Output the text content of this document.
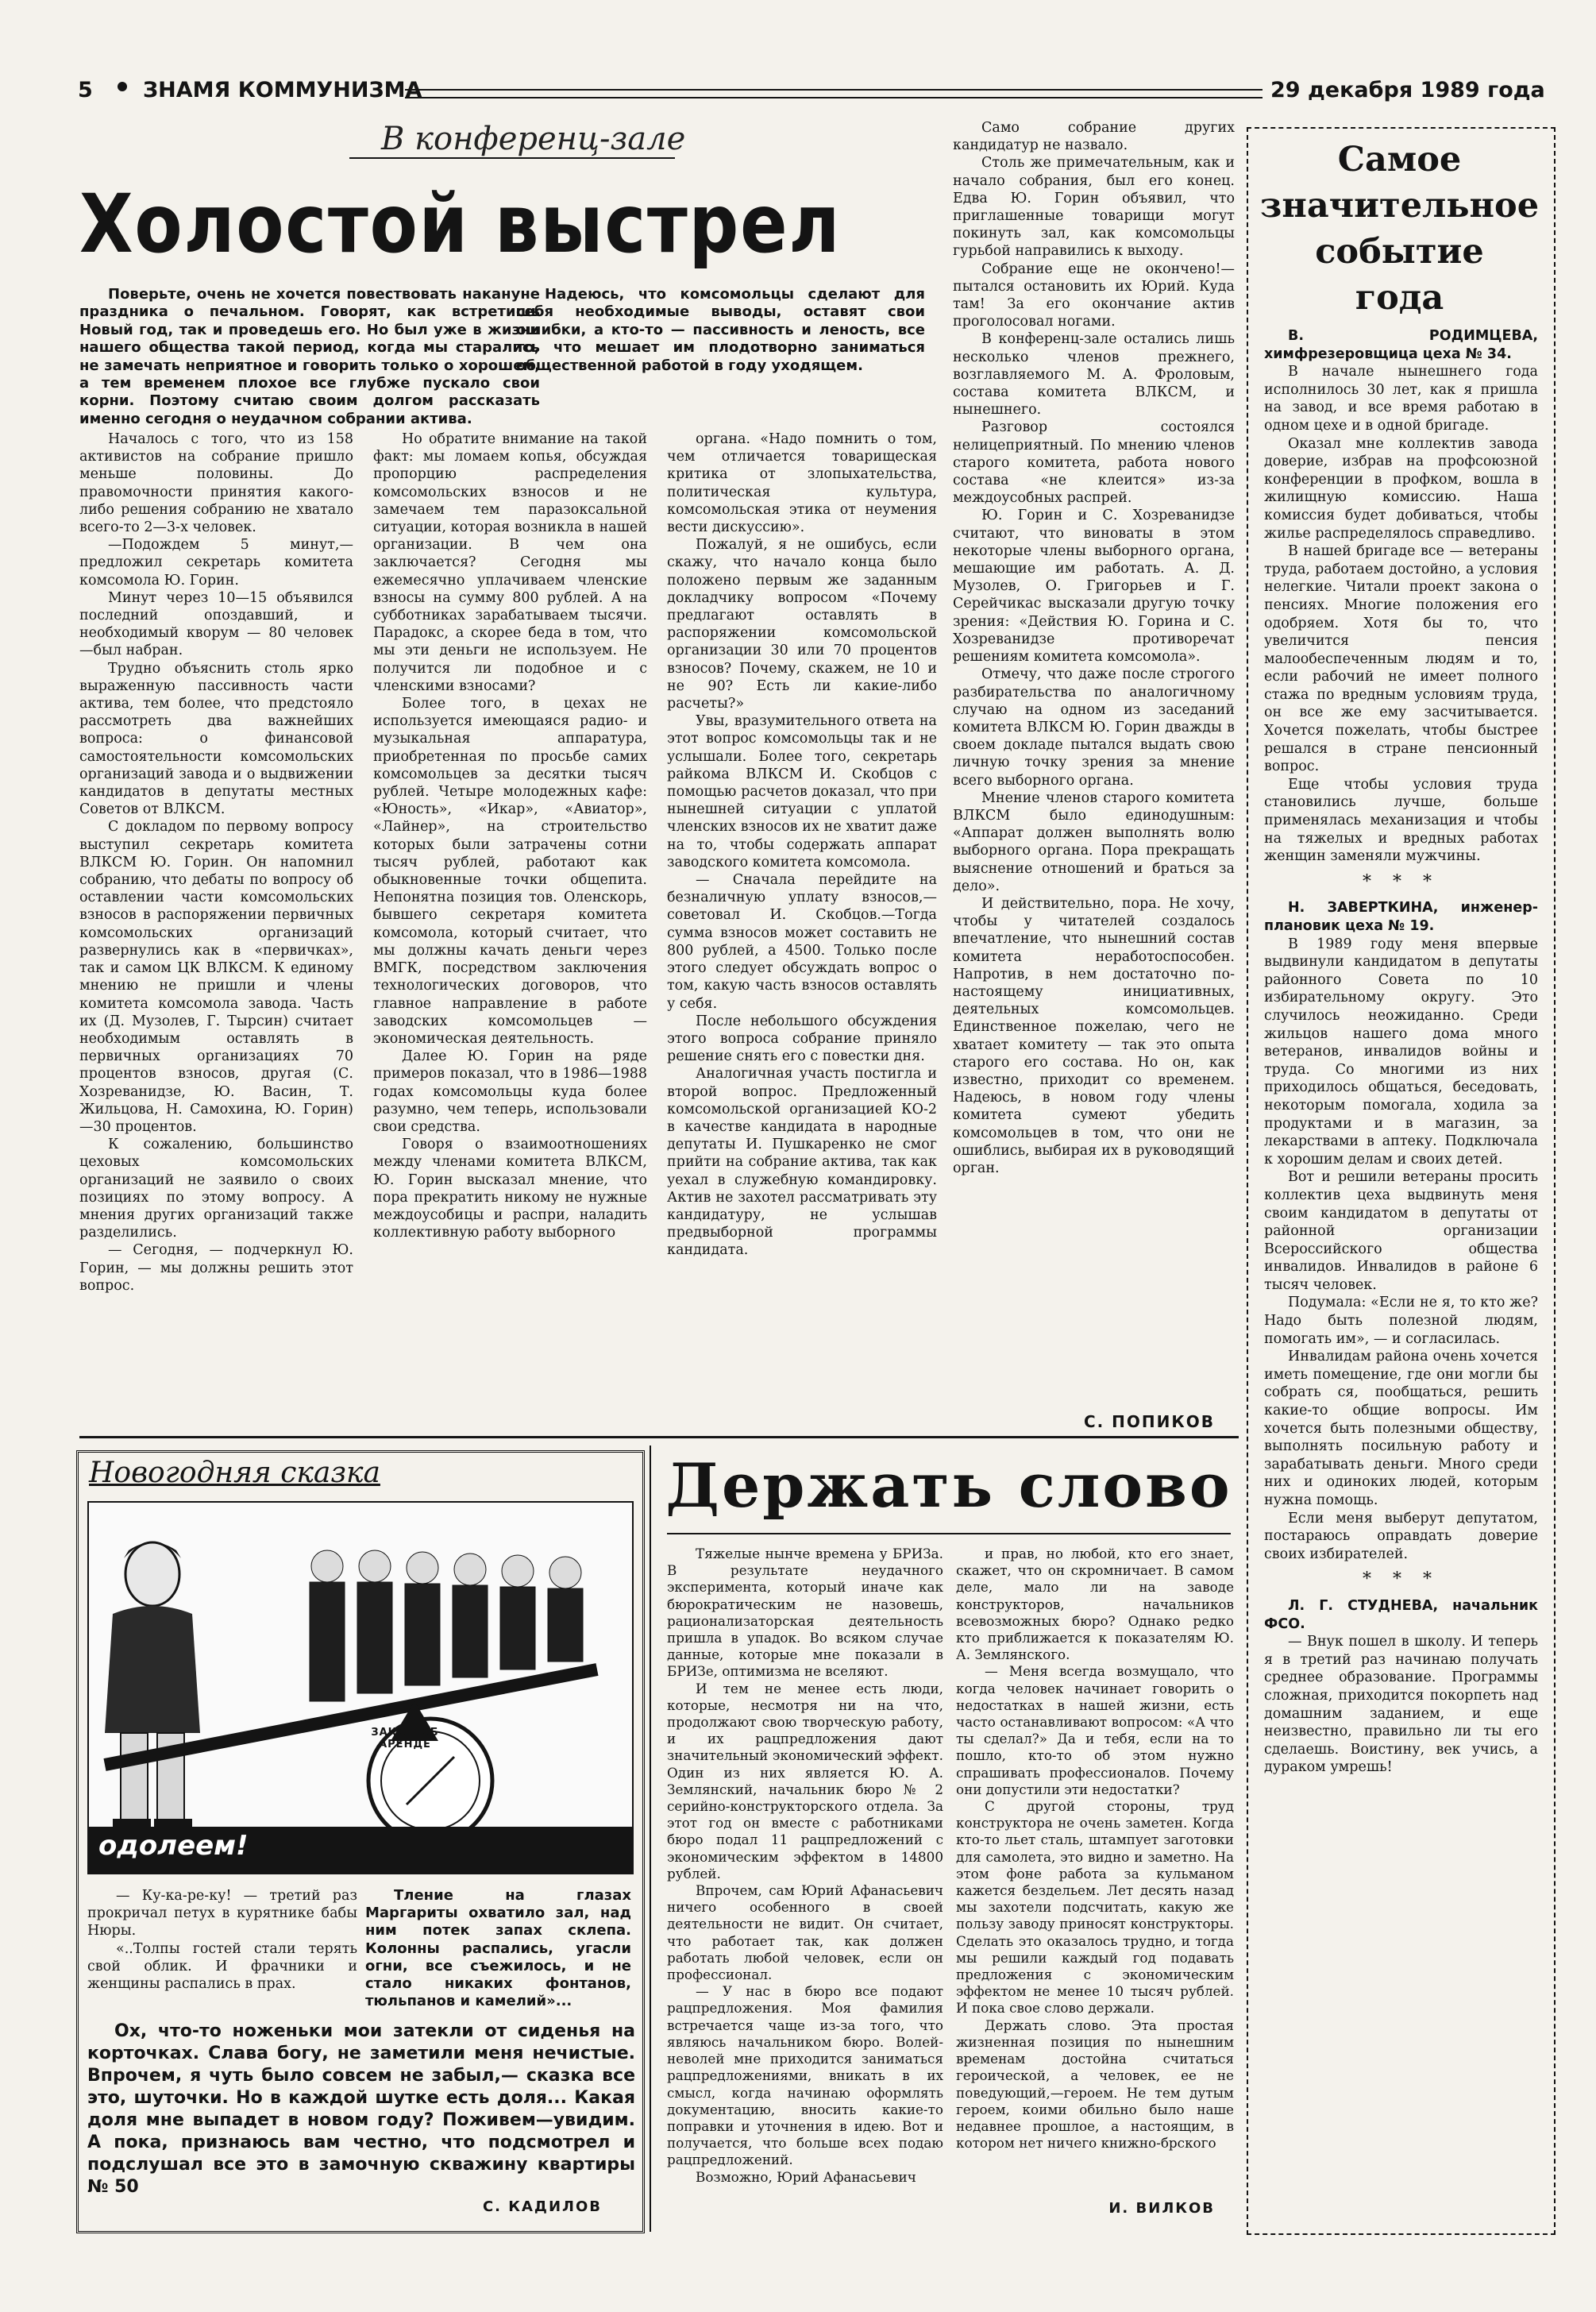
5 ЗНАМЯ КОММУНИЗМА	29 декабря 1989 года
В конференц-зале
Холостой выстрел

Поверьте, очень не хочется повествовать накануне праздника о печальном. Говорят, как встретишь Новый год, так и проведешь его. Но был уже в жизни нашего общества такой период, когда мы старались не замечать неприятное и говорить только о хорошем, а тем временем плохое все глубже пускало свои корни. Поэтому считаю своим долгом рассказать именно сегодня о неудачном собрании актива.

Надеюсь, что комсомольцы сделают для себя необходимые выводы, оставят свои ошибки, а кто-то — пассивность и леность, все то, что мешает им плодотворно заниматься общественной работой в году уходящем.

Началось с того, что из 158 активистов на собрание пришло меньше половины. До правомочности принятия какого-либо решения собранию не хватало всего-то 2—3-х человек.

—Подождем 5 минут,—предложил секретарь комитета комсомола Ю. Горин.

Минут через 10—15 объявился последний опоздавший, и необходимый кворум — 80 человек—был набран.

Трудно объяснить столь ярко выраженную пассивность части актива, тем более, что предстояло рассмотреть два важнейших вопроса: о финансовой самостоятельности комсомольских организаций завода и о выдвижении кандидатов в депутаты местных Советов от ВЛКСМ.

С докладом по первому вопросу выступил секретарь комитета ВЛКСМ Ю. Горин. Он напомнил собранию, что дебаты по вопросу об оставлении части комсомольских взносов в распоряжении первичных комсомольских организаций развернулись как в «первичках», так и самом ЦК ВЛКСМ. К единому мнению не пришли и члены комитета комсомола завода. Часть их (Д. Музолев, Г. Тырсин) считает необходимым оставлять в первичных организациях 70 процентов взносов, другая (С. Хозреванидзе, Ю. Васин, Т. Жильцова, Н. Самохина, Ю. Горин)—30 процентов.

К сожалению, большинство цеховых комсомольских организаций не заявило о своих позициях по этому вопросу. А мнения других организаций также разделились.

— Сегодня, — подчеркнул Ю. Горин, — мы должны решить этот вопрос.

Но обратите внимание на такой факт: мы ломаем копья, обсуждая пропорцию распределения комсомольских взносов и не замечаем тем паразоксальной ситуации, которая возникла в нашей организации. В чем она заключается? Сегодня мы ежемесячно уплачиваем членские взносы на сумму 800 рублей. А на субботниках зарабатываем тысячи. Парадокс, а скорее беда в том, что мы эти деньги не используем. Не получится ли подобное и с членскими взносами?

Более того, в цехах не используется имеющаяся радио- и музыкальная аппаратура, приобретенная по просьбе самих комсомольцев за десятки тысяч рублей. Четыре молодежных кафе: «Юность», «Икар», «Авиатор», «Лайнер», на строительство которых были затрачены сотни тысяч рублей, работают как обыкновенные точки общепита. Непонятна позиция тов. Оленскорь, бывшего секретаря комитета комсомола, который считает, что мы должны качать деньги через ВМГК, посредством заключения технологических договоров, что главное направление в работе заводских комсомольцев — экономическая деятельность.

Далее Ю. Горин на ряде примеров показал, что в 1986—1988 годах комсомольцы куда более разумно, чем теперь, использовали свои средства.

Говоря о взаимоотношениях между членами комитета ВЛКСМ, Ю. Горин высказал мнение, что пора прекратить никому не нужные междоусобицы и распри, наладить коллективную работу выборного

органа. «Надо помнить о том, чем отличается товарищеская критика от злопыхательства, политическая культура, комсомольская этика от неумения вести дискуссию».

Пожалуй, я не ошибусь, если скажу, что начало конца было положено первым же заданным докладчику вопросом «Почему предлагают оставлять в распоряжении комсомольской организации 30 или 70 процентов взносов? Почему, скажем, не 10 и не 90? Есть ли какие-либо расчеты?»

Увы, вразумительного ответа на этот вопрос комсомольцы так и не услышали. Более того, секретарь райкома ВЛКСМ И. Скобцов с помощью расчетов доказал, что при нынешней ситуации с уплатой членских взносов их не хватит даже на то, чтобы содержать аппарат заводского комитета комсомола.

— Сначала перейдите на безналичную уплату взносов,—советовал И. Скобцов.—Тогда сумма взносов может составить не 800 рублей, а 4500. Только после этого следует обсуждать вопрос о том, какую часть взносов оставлять у себя.

После небольшого обсуждения этого вопроса собрание приняло решение снять его с повестки дня.

Аналогичная участь постигла и второй вопрос. Предложенный комсомольской организацией КО-2 в качестве кандидата в народные депутаты И. Пушкаренко не смог прийти на собрание актива, так как уехал в служебную командировку. Актив не захотел рассматривать эту кандидатуру, не услышав предвыборной программы кандидата.

Само собрание других кандидатур не назвало.

Столь же примечательным, как и начало собрания, был его конец. Едва Ю. Горин объявил, что приглашенные товарищи могут покинуть зал, как комсомольцы гурьбой направились к выходу.

Собрание еще не окончено!—пытался остановить их Юрий. Куда там! За его окончание актив проголосовал ногами.

В конференц-зале остались лишь несколько членов прежнего, возглавляемого М. А. Фроловым, состава комитета ВЛКСМ, и нынешнего.

Разговор состоялся нелицеприятный. По мнению членов старого комитета, работа нового состава «не клеится» из-за междоусобных распрей.

Ю. Горин и С. Хозреванидзе считают, что виноваты в этом некоторые члены выборного органа, мешающие им работать. А. Д. Музолев, О. Григорьев и Г. Серейчикас высказали другую точку зрения: «Действия Ю. Горина и С. Хозреванидзе противоречат решениям комитета комсомола».

Отмечу, что даже после строгого разбирательства по аналогичному случаю на одном из заседаний комитета ВЛКСМ Ю. Горин дважды в своем докладе пытался выдать свою личную точку зрения за мнение всего выборного органа.

Мнение членов старого комитета ВЛКСМ было единодушным: «Аппарат должен выполнять волю выборного органа. Пора прекращать выяснение отношений и браться за дело».

И действительно, пора. Не хочу, чтобы у читателей создалось впечатление, что нынешний состав комитета неработоспособен. Напротив, в нем достаточно по-настоящему инициативных, деятельных комсомольцев. Единственное пожелаю, чего не хватает комитету — так это опыта старого его состава. Но он, как известно, приходит со временем. Надеюсь, в новом году члены комитета сумеют убедить комсомольцев в том, что они не ошиблись, выбирая их в руководящий орган.

С. ПОПИКОВ
Самое
значительное
событие
года

В. РОДИМЦЕВА, химфрезеровщица цеха № 34.

В начале нынешнего года исполнилось 30 лет, как я пришла на завод, и все время работаю в одном цехе и в одной бригаде.

Оказал мне коллектив завода доверие, избрав на профсоюзной конференции в профком, вошла в жилищную комиссию. Наша комиссия будет добиваться, чтобы жилье распределялось справедливо.

В нашей бригаде все — ветераны труда, работаем достойно, а условия нелегкие. Читали проект закона о пенсиях. Многие положения его одобряем. Хотя бы то, что увеличится пенсия малообеспеченным людям и то, если рабочий не имеет полного стажа по вредным условиям труда, он все же ему засчитывается. Хочется пожелать, чтобы быстрее решался в стране пенсионный вопрос.

Еще чтобы условия труда становились лучше, больше применялась механизация и чтобы на тяжелых и вредных работах женщин заменяли мужчины.

* * *

Н. ЗАВЕРТКИНА, инженер-плановик цеха № 19.

В 1989 году меня впервые выдвинули кандидатом в депутаты районного Совета по 10 избирательному округу. Это случилось неожиданно. Среди жильцов нашего дома много ветеранов, инвалидов войны и труда. Со многими из них приходилось общаться, беседовать, некоторым помогала, ходила за продуктами и в магазин, за лекарствами в аптеку. Подключала к хорошим делам и своих детей.

Вот и решили ветераны просить коллектив цеха выдвинуть меня своим кандидатом в депутаты от районной организации Всероссийского общества инвалидов. Инвалидов в районе 6 тысяч человек.

Подумала: «Если не я, то кто же? Надо быть полезной людям, помогать им», — и согласилась.

Инвалидам района очень хочется иметь помещение, где они могли бы собрать ся, пообщаться, решить какие-то общие вопросы. Им хочется быть полезными обществу, выполнять посильную работу и зарабатывать деньги. Много среди них и одиноких людей, которым нужна помощь.

Если меня выберут депутатом, постараюсь оправдать доверие своих избирателей.

* * *

Л. Г. СТУДНЕВА, начальник ФСО.

— Внук пошел в школу. И теперь я в третий раз начинаю получать среднее образование. Программы сложная, приходится покорпеть над домашним заданием, и еще неизвестно, правильно ли ты его сделаешь. Воистину, век учись, а дураком умрешь!

Новогодняя сказка
ЗАКОН ОБ АРЕНДЕ
одолеем!

— Ку-ка-ре-ку! — третий раз прокричал петух в курятнике бабы Нюры.

«..Толпы гостей стали терять свой облик. И фрачники и женщины распались в прах.

Тление на глазах Маргариты охватило зал, над ним потек запах склепа. Колонны распались, угасли огни, все съежилось, и не стало никаких фонтанов, тюльпанов и камелий»...

Ох, что-то ноженьки мои затекли от сиденья на корточках. Слава богу, не заметили меня нечистые. Впрочем, я чуть было совсем не забыл,— сказка все это, шуточки. Но в каждой шутке есть доля... Какая доля мне выпадет в новом году? Поживем—увидим. А пока, признаюсь вам честно, что подсмотрел и подслушал все это в замочную скважину квартиры № 50

С. КАДИЛОВ
Держать слово

Тяжелые нынче времена у БРИЗа. В результате неудачного эксперимента, который иначе как бюрократическим не назовешь, рационализаторская деятельность пришла в упадок. Во всяком случае данные, которые мне показали в БРИЗе, оптимизма не вселяют.

И тем не менее есть люди, которые, несмотря ни на что, продолжают свою творческую работу, и их рацпредложения дают значительный экономический эффект. Один из них является Ю. А. Землянский, начальник бюро № 2 серийно-конструкторского отдела. За этот год он вместе с работниками бюро подал 11 рацпредложений с экономическим эффектом в 14800 рублей.

Впрочем, сам Юрий Афанасьевич ничего особенного в своей деятельности не видит. Он считает, что работает так, как должен работать любой человек, если он профессионал.

— У нас в бюро все подают рацпредложения. Моя фамилия встречается чаще из-за того, что являюсь начальником бюро. Волей-неволей мне приходится заниматься рацпредложениями, вникать в их смысл, когда начинаю оформлять документацию, вносить какие-то поправки и уточнения в идею. Вот и получается, что больше всех подаю рацпредложений.

Возможно, Юрий Афанасьевич

и прав, но любой, кто его знает, скажет, что он скромничает. В самом деле, мало ли на заводе конструкторов, начальников всевозможных бюро? Однако редко кто приближается к показателям Ю. А. Землянского.

— Меня всегда возмущало, что когда человек начинает говорить о недостатках в нашей жизни, есть часто останавливают вопросом: «А что ты сделал?» Да и тебя, если на то пошло, кто-то об этом нужно спрашивать профессионалов. Почему они допустили эти недостатки?

С другой стороны, труд конструктора не очень заметен. Когда кто-то льет сталь, штампует заготовки для самолета, это видно и заметно. На этом фоне работа за кульманом кажется бездельем. Лет десять назад мы захотели подсчитать, какую же пользу заводу приносят конструкторы. Сделать это оказалось трудно, и тогда мы решили каждый год подавать предложения с экономическим эффектом не менее 10 тысяч рублей. И пока свое слово держали.

Держать слово. Эта простая жизненная позиция по нынешним временам достойна считаться героической, а человек, ее не поведующий,—героем. Не тем дутым героем, коими обильно было наше недавнее прошлое, а настоящим, в котором нет ничего книжно-брского

И. ВИЛКОВ
